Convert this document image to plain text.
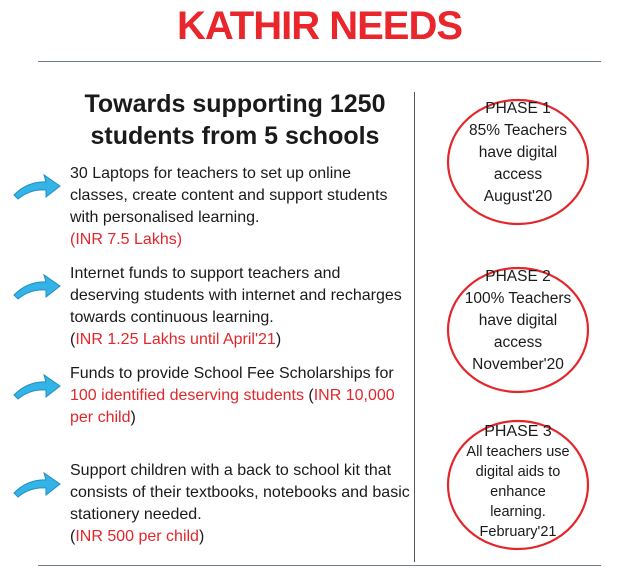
KATHIR NEEDS
Towards supporting 1250 students from 5 schools
30 Laptops for teachers to set up online classes, create content and support students with personalised learning.
(INR 7.5 Lakhs)
Internet funds to support teachers and deserving students with internet and recharges towards continuous learning.
(INR 1.25 Lakhs until April'21)
Funds to provide School Fee Scholarships for 100 identified deserving students (INR 10,000 per child)
Support children with a back to school kit that consists of their textbooks, notebooks and basic stationery needed.
(INR 500 per child)
PHASE 1
85% Teachers
have digital
access
August'20
PHASE 2
100% Teachers
have digital
access
November'20
PHASE 3
All teachers use
digital aids to
enhance
learning.
February'21
